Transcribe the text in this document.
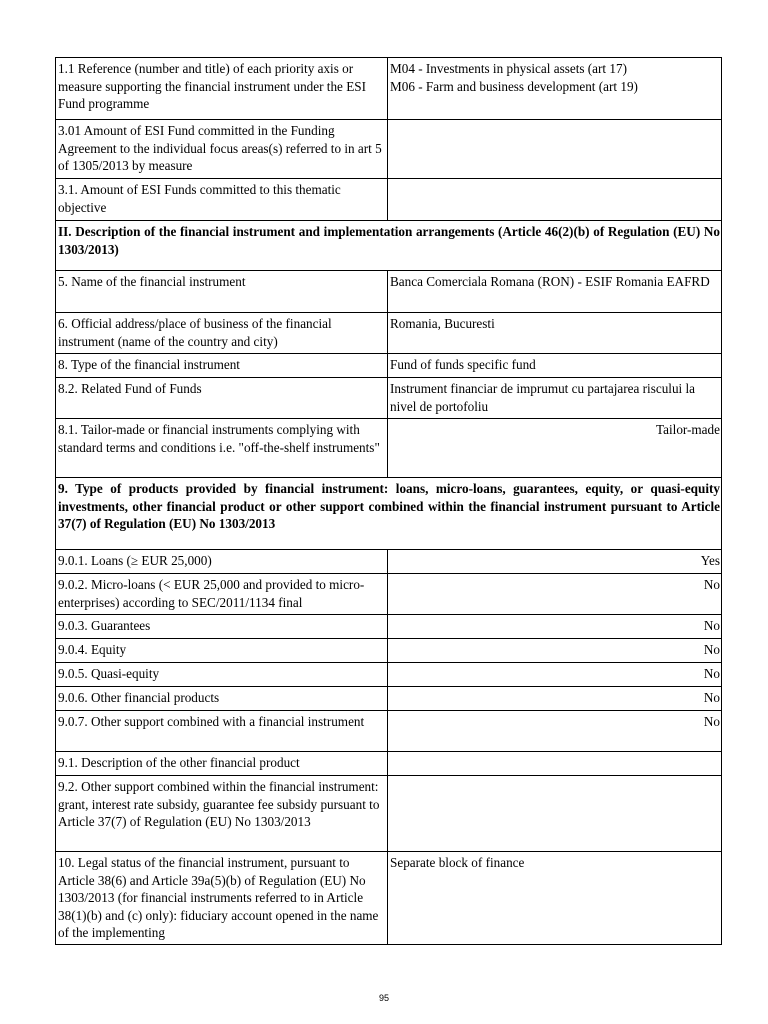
1.1 Reference (number and title) of each priority axis or measure supporting the financial instrument under the ESI Fund programme	M04 - Investments in physical assets (art 17)
M06 - Farm and business development (art 19)

3.01 Amount of ESI Fund committed in the Funding Agreement to the individual focus areas(s) referred to in art 5 of 1305/2013 by measure	
3.1. Amount of ESI Funds committed to this thematic objective	
II. Description of the financial instrument and implementation arrangements (Article 46(2)(b) of Regulation (EU) No 1303/2013)	
5. Name of the financial instrument	Banca Comerciala Romana (RON) - ESIF Romania EAFRD
6. Official address/place of business of the financial instrument (name of the country and city)	Romania, Bucuresti
8. Type of the financial instrument	Fund of funds specific fund
8.2. Related Fund of Funds	Instrument financiar de imprumut cu partajarea riscului la nivel de portofoliu
8.1. Tailor-made or financial instruments complying with standard terms and conditions i.e. "off-the-shelf instruments"	Tailor-made
9. Type of products provided by financial instrument: loans, micro-loans, guarantees, equity, or quasi-equity investments, other financial product or other support combined within the financial instrument pursuant to Article 37(7) of Regulation (EU) No 1303/2013	
9.0.1. Loans (≥ EUR 25,000)	Yes
9.0.2. Micro-loans (< EUR 25,000 and provided to micro-enterprises) according to SEC/2011/1134 final	No
9.0.3. Guarantees	No
9.0.4. Equity	No
9.0.5. Quasi-equity	No
9.0.6. Other financial products	No
9.0.7. Other support combined with a financial instrument	No
9.1. Description of the other financial product	
9.2. Other support combined within the financial instrument: grant, interest rate subsidy, guarantee fee subsidy pursuant to Article 37(7) of Regulation (EU) No 1303/2013	
10. Legal status of the financial instrument, pursuant to Article 38(6) and Article 39a(5)(b) of Regulation (EU) No 1303/2013 (for financial instruments referred to in Article 38(1)(b) and (c) only): fiduciary account opened in the name of the implementing	Separate block of finance
95
